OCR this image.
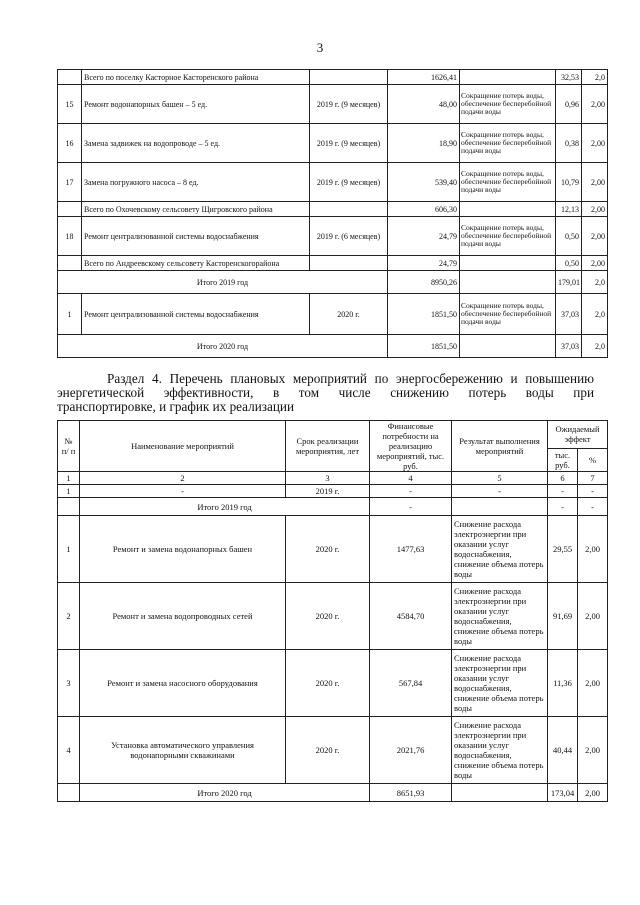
3
	Всего по поселку Касторное Касторенского района		1626,41		32,53	2,0
15	Ремонт водонапорных башен – 5 ед.	2019 г. (9 месяцев)	48,00	Сокращение потерь воды, обеспечение бесперебойной подачи воды	0,96	2,00
16	Замена задвижек на водопроводе – 5 ед.	2019 г. (9 месяцев)	18,90	Сокращение потерь воды, обеспечение бесперебойной подачи воды	0,38	2,00
17	Замена погружного насоса – 8 ед.	2019 г. (9 месяцев)	539,40	Сокращение потерь воды, обеспечение бесперебойной подачи воды	10,79	2,00
	Всего по Охочевскому сельсовету Щигровского района		606,30		12,13	2,00
18	Ремонт централизованной системы водоснабжения	2019 г. (6 месяцев)	24,79	Сокращение потерь воды, обеспечение бесперебойной подачи воды	0,50	2,00
	Всего по Андреевскому сельсовету Касторенскогорайона		24,79		0,50	2,00
Итого 2019 год			8950,26		179,01	2,0
1	Ремонт централизованной системы водоснабжения	2020 г.	1851,50	Сокращение потерь воды, обеспечение бесперебойной подачи воды	37,03	2,0
Итого 2020 год			1851,50		37,03	2,0

Раздел 4. Перечень плановых мероприятий по энергосбережению и повышению

энергетической эффективности, в том числе снижению потерь воды при

транспортировке, и график их реализации

№ п/ п	Наименование мероприятий	Срок реализации мероприятия, лет	Финансовые потребности на реализацию мероприятий, тыс. руб.	Результат выполнения мероприятий	Ожидаемый эффект	
					тыс. руб.	%
1	2	3	4	5	6	7
1	-	2019 г.	-	-	-	-
	Итого 2019 год		-		-	-
1	Ремонт и замена водонапорных башен	2020 г.	1477,63	Снижение расхода электроэнергии при оказании услуг водоснабжения, снижение объема потерь воды	29,55	2,00
2	Ремонт и замена водопроводных сетей	2020 г.	4584,70	Снижение расхода электроэнергии при оказании услуг водоснабжения, снижение объема потерь воды	91,69	2,00
3	Ремонт и замена насосного оборудования	2020 г.	567,84	Снижение расхода электроэнергии при оказании услуг водоснабжения, снижение объема потерь воды	11,36	2,00
4	Установка автоматического управления водонапорными скважинами	2020 г.	2021,76	Снижение расхода электроэнергии при оказании услуг водоснабжения, снижение объема потерь воды	40,44	2,00
	Итого 2020 год		8651,93		173,04	2,00
